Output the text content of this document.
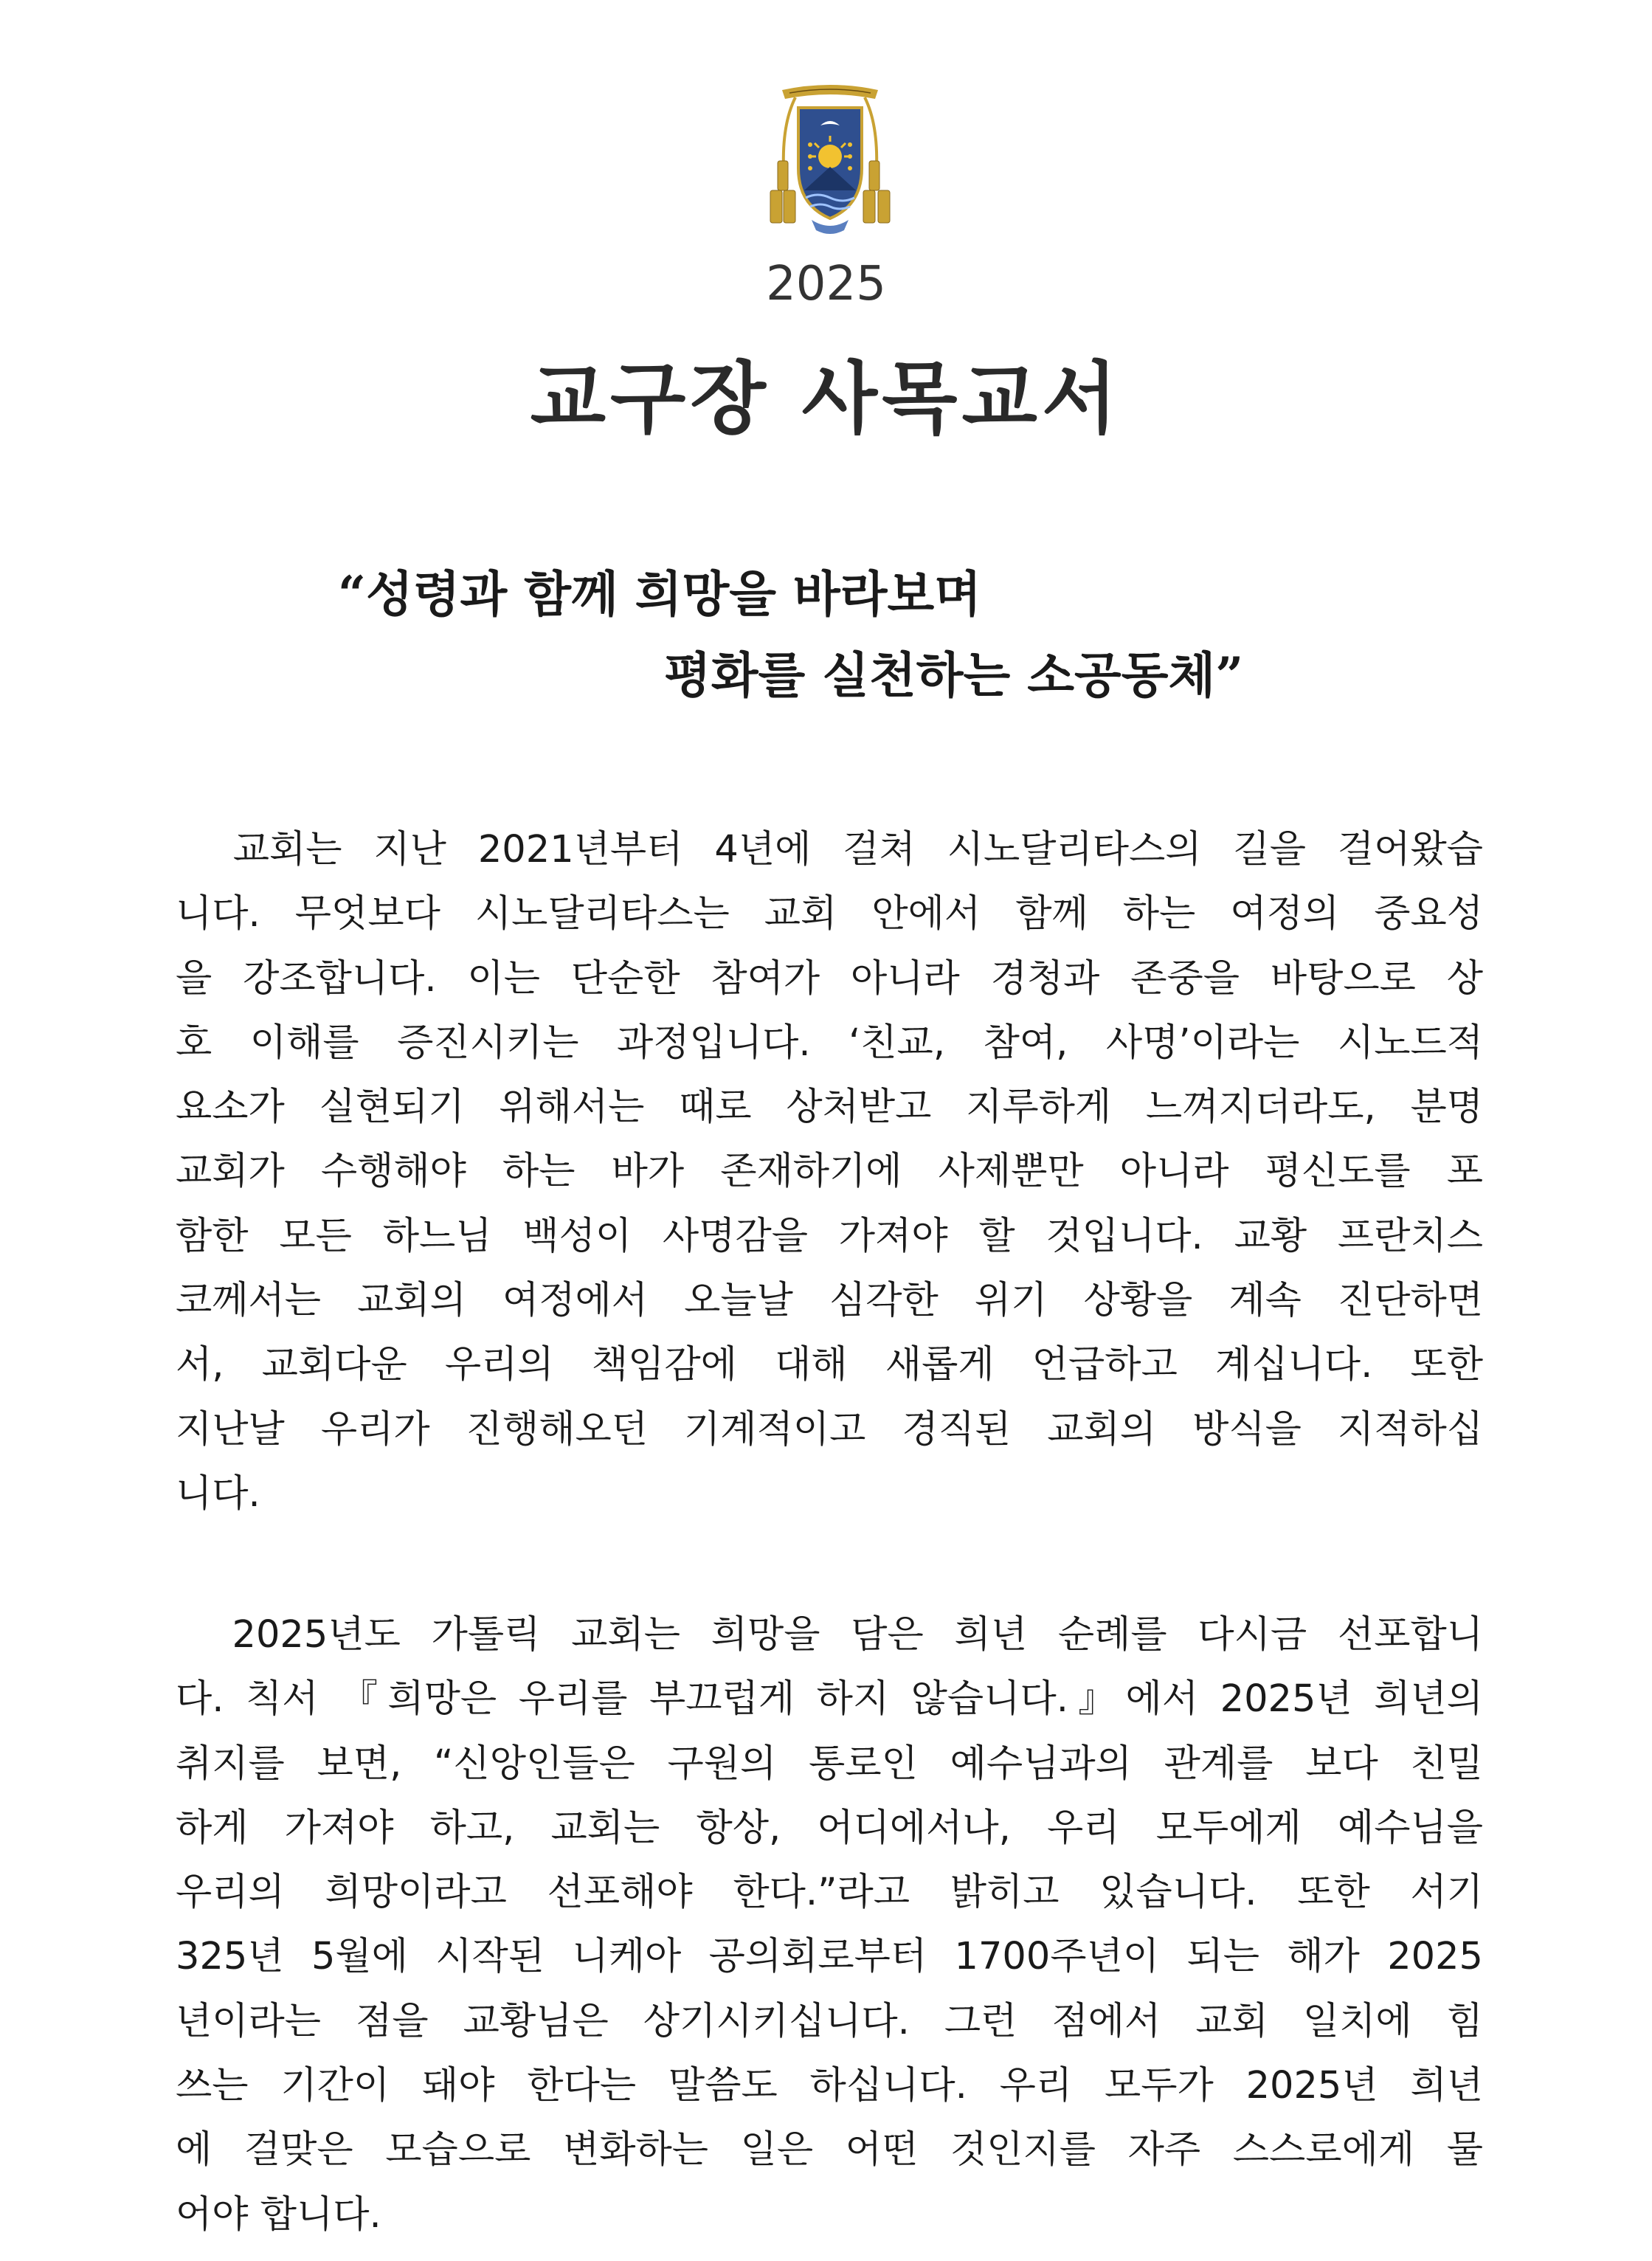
2025
교구장 사목교서
“성령과 함께 희망을 바라보며
평화를 실천하는 소공동체”
　교회는 지난 2021년부터 4년에 걸쳐 시노달리타스의 길을 걸어왔습
니다. 무엇보다 시노달리타스는 교회 안에서 함께 하는 여정의 중요성
을 강조합니다. 이는 단순한 참여가 아니라 경청과 존중을 바탕으로 상
호 이해를 증진시키는 과정입니다. ‘친교, 참여, 사명’이라는 시노드적
요소가 실현되기 위해서는 때로 상처받고 지루하게 느껴지더라도, 분명
교회가 수행해야 하는 바가 존재하기에 사제뿐만 아니라 평신도를 포
함한 모든 하느님 백성이 사명감을 가져야 할 것입니다. 교황 프란치스
코께서는 교회의 여정에서 오늘날 심각한 위기 상황을 계속 진단하면
서, 교회다운 우리의 책임감에 대해 새롭게 언급하고 계십니다. 또한
지난날 우리가 진행해오던 기계적이고 경직된 교회의 방식을 지적하십
니다.
　2025년도 가톨릭 교회는 희망을 담은 희년 순례를 다시금 선포합니
다. 칙서 『희망은 우리를 부끄럽게 하지 않습니다.』에서 2025년 희년의
취지를 보면, “신앙인들은 구원의 통로인 예수님과의 관계를 보다 친밀
하게 가져야 하고, 교회는 항상, 어디에서나, 우리 모두에게 예수님을
우리의 희망이라고 선포해야 한다.”라고 밝히고 있습니다. 또한 서기
325년 5월에 시작된 니케아 공의회로부터 1700주년이 되는 해가 2025
년이라는 점을 교황님은 상기시키십니다. 그런 점에서 교회 일치에 힘
쓰는 기간이 돼야 한다는 말씀도 하십니다. 우리 모두가 2025년 희년
에 걸맞은 모습으로 변화하는 일은 어떤 것인지를 자주 스스로에게 물
어야 합니다.
